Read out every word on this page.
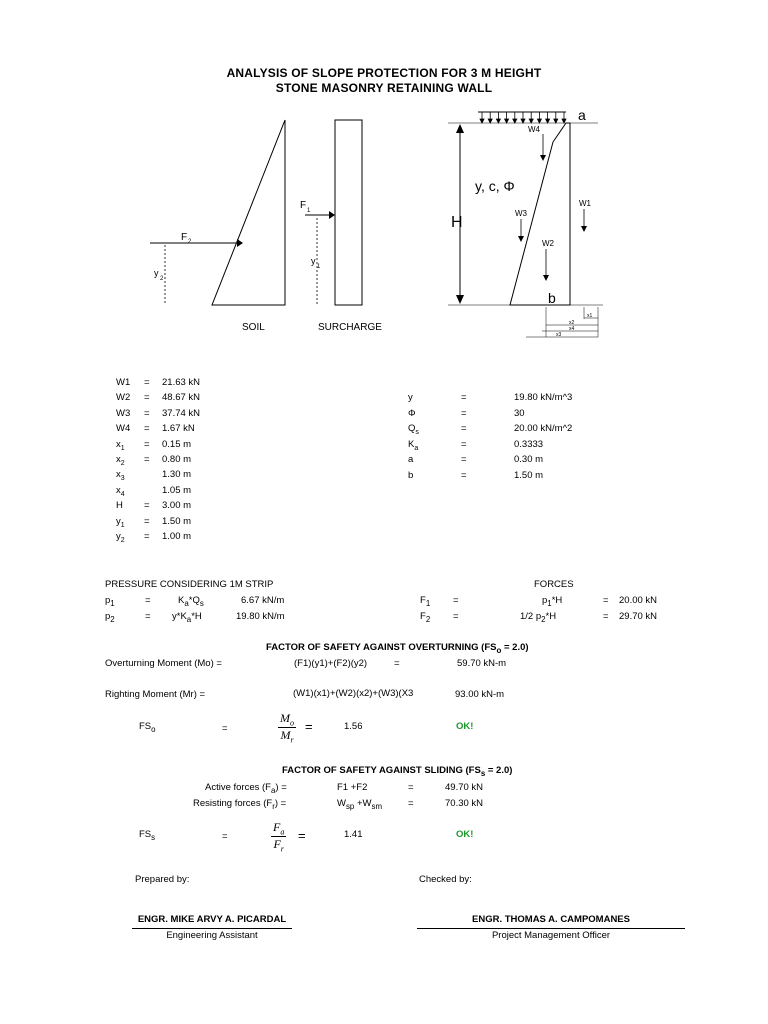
ANALYSIS OF SLOPE PROTECTION FOR 3 M HEIGHT
STONE MASONRY RETAINING WALL
F 2
y
2
F 1
y
1
SOIL	SURCHARGE
a
H
y, c, Φ
W4
W3
W2
W1
b
x1
x2
x4
x3
W1 = 21.63 kN
W2 = 48.67 kN
W3 = 37.74 kN
W4 = 1.67 kN
$x_1 = 0.15$ m
$x_2 = 0.80$ m
$x_3$	1.30 m
$x_4$	1.05 m
H = 3.00 m
$y_1 = 1.50$ m
$y_2 = 1.00$ m
y	=	19.80 kN/m^3
Φ	=	30
$Q_s$	=	20.00 kN/m^2
$K_a$	=	0.3333
a	=	0.30 m
b	=	1.50 m
PRESSURE CONSIDERING 1M STRIP	FORCES
$p_1$	=	$K_a*Q_s$	6.67 kN/m
$p_2$	= $y*K_a*H$	19.80 kN/m
$F_1$ =	$p_1*H$	= 20.00 kN
$F_2$ =	1/2 $p_2*H$	= 29.70 kN
FACTOR OF SAFETY AGAINST OVERTURNING $(FS_o = 2.0)$
Overturning Moment (Mo) =	(F1)(y1)+(F2)(y2)	=	59.70 kN-m
Righting Moment (Mr) =	(W1)(x1)+(W2)(x2)+(W3)(X3	93.00 kN-m
$FS_o$	=	$\frac{M_o}{M_r}$ =	1.56	OK!
FACTOR OF SAFETY AGAINST SLIDING $(FS_s = 2.0)$
Active forces $(F_a)$ =	F1 +F2	=	49.70 kN
Resisting forces $(F_r)$ =	$W_{sp} +W_{sm}$	=	70.30 kN
$FS_s$	=	$\frac{F_a}{F_r}$ =	1.41	OK!
Prepared by:	Checked by:
ENGR. MIKE ARVY A. PICARDAL
Engineering Assistant
ENGR. THOMAS A. CAMPOMANES
Project Management Officer
